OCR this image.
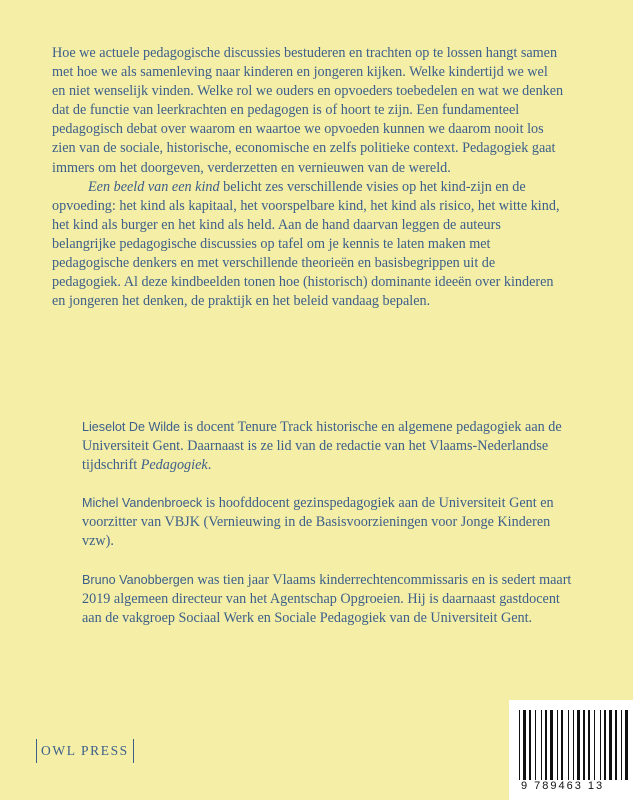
Hoe we actuele pedagogische discussies bestuderen en trachten op te lossen hangt samen met hoe we als samenleving naar kinderen en jongeren kijken. Welke kindertijd we wel en niet wenselijk vinden. Welke rol we ouders en opvoeders toebedelen en wat we denken dat de functie van leerkrachten en pedagogen is of hoort te zijn. Een fundamenteel pedagogisch debat over waarom en waartoe we opvoeden kunnen we daarom nooit los zien van de sociale, historische, economische en zelfs politieke context. Pedagogiek gaat immers om het doorgeven, verderzetten en vernieuwen van de wereld.

Een beeld van een kind belicht zes verschillende visies op het kind-zijn en de opvoeding: het kind als kapitaal, het voorspelbare kind, het kind als risico, het witte kind, het kind als burger en het kind als held. Aan de hand daarvan leggen de auteurs belangrijke pedagogische discussies op tafel om je kennis te laten maken met pedagogische denkers en met verschillende theorieën en basisbegrippen uit de pedagogiek. Al deze kindbeelden tonen hoe (historisch) dominante ideeën over kinderen en jongeren het denken, de praktijk en het beleid vandaag bepalen.

Lieselot De Wilde is docent Tenure Track historische en algemene pedagogiek aan de Universiteit Gent. Daarnaast is ze lid van de redactie van het Vlaams-Nederlandse tijdschrift Pedagogiek.

Michel Vandenbroeck is hoofddocent gezinspedagogiek aan de Universiteit Gent en voorzitter van VBJK (Vernieuwing in de Basisvoorzieningen voor Jonge Kinderen vzw).

Bruno Vanobbergen was tien jaar Vlaams kinderrechtencommissaris en is sedert maart 2019 algemeen directeur van het Agentschap Opgroeien. Hij is daarnaast gastdocent aan de vakgroep Sociaal Werk en Sociale Pedagogiek van de Universiteit Gent.

OWL PRESS
9 789463 13
